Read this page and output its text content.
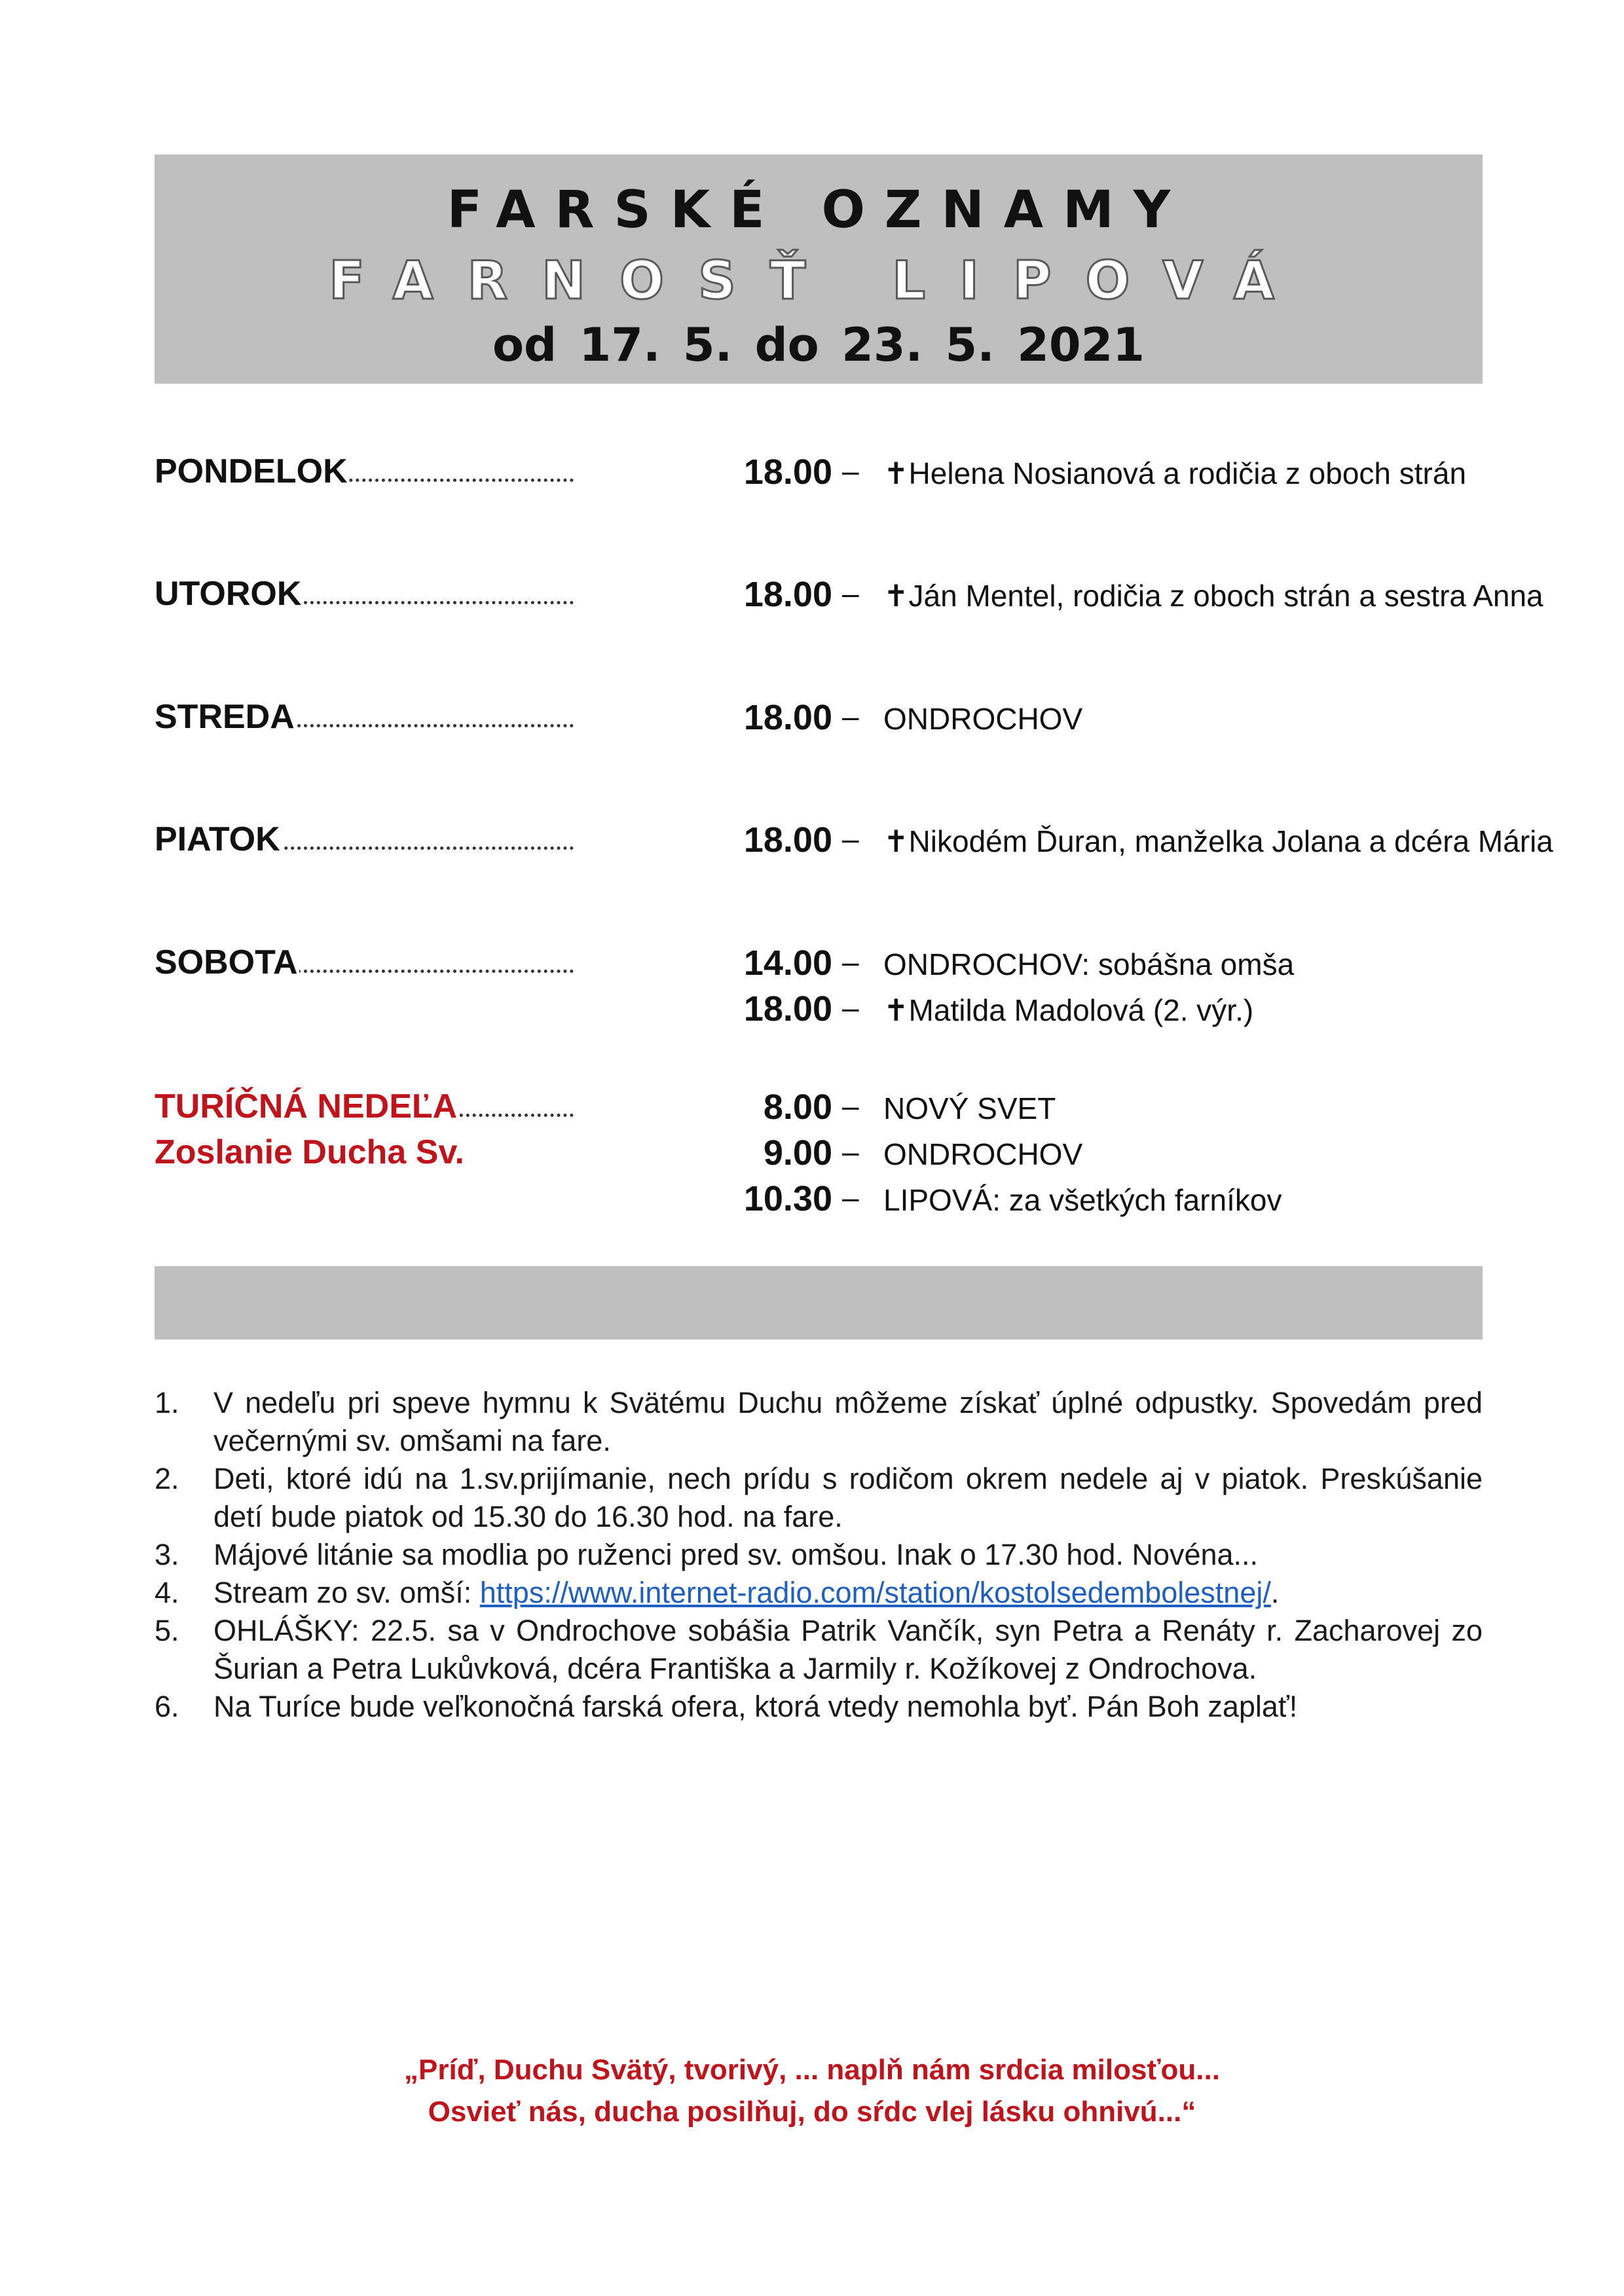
FARSKÉ OZNAMY
FARNOSŤ LIPOVÁ
od 17. 5. do 23. 5. 2021
PONDELOK	18.00 – ✝Helena Nosianová a rodičia z oboch strán
UTOROK	18.00 – ✝Ján Mentel, rodičia z oboch strán a sestra Anna
STREDA	18.00 – ONDROCHOV
PIATOK	18.00 – ✝Nikodém Ďuran, manželka Jolana a dcéra Mária
SOBOTA	14.00 – ONDROCHOV: sobášna omša
18.00 – ✝Matilda Madolová (2. výr.)
TURÍČNÁ NEDEĽA	8.00 – NOVÝ SVET
Zoslanie Ducha Sv.	9.00 – ONDROCHOV
10.30 – LIPOVÁ: za všetkých farníkov
1. V nedeľu pri speve hymnu k Svätému Duchu môžeme získať úplné odpustky. Spovedám pred večernými sv. omšami na fare.
2. Deti, ktoré idú na 1.sv.prijímanie, nech prídu s rodičom okrem nedele aj v piatok. Preskúšanie detí bude piatok od 15.30 do 16.30 hod. na fare.
3. Májové litánie sa modlia po ruženci pred sv. omšou. Inak o 17.30 hod. Novéna...
4. Stream zo sv. omší: https://www.internet-radio.com/station/kostolsedembolestnej/.
5. OHLÁŠKY: 22.5. sa v Ondrochove sobášia Patrik Vančík, syn Petra a Renáty r. Zacharovej zo Šurian a Petra Lukůvková, dcéra Františka a Jarmily r. Kožíkovej z Ondrochova.
6. Na Turíce bude veľkonočná farská ofera, ktorá vtedy nemohla byť. Pán Boh zaplať!
„Príď, Duchu Svätý, tvorivý, ... naplň nám srdcia milosťou...
Osvieť nás, ducha posilňuj, do sŕdc vlej lásku ohnivú...“
